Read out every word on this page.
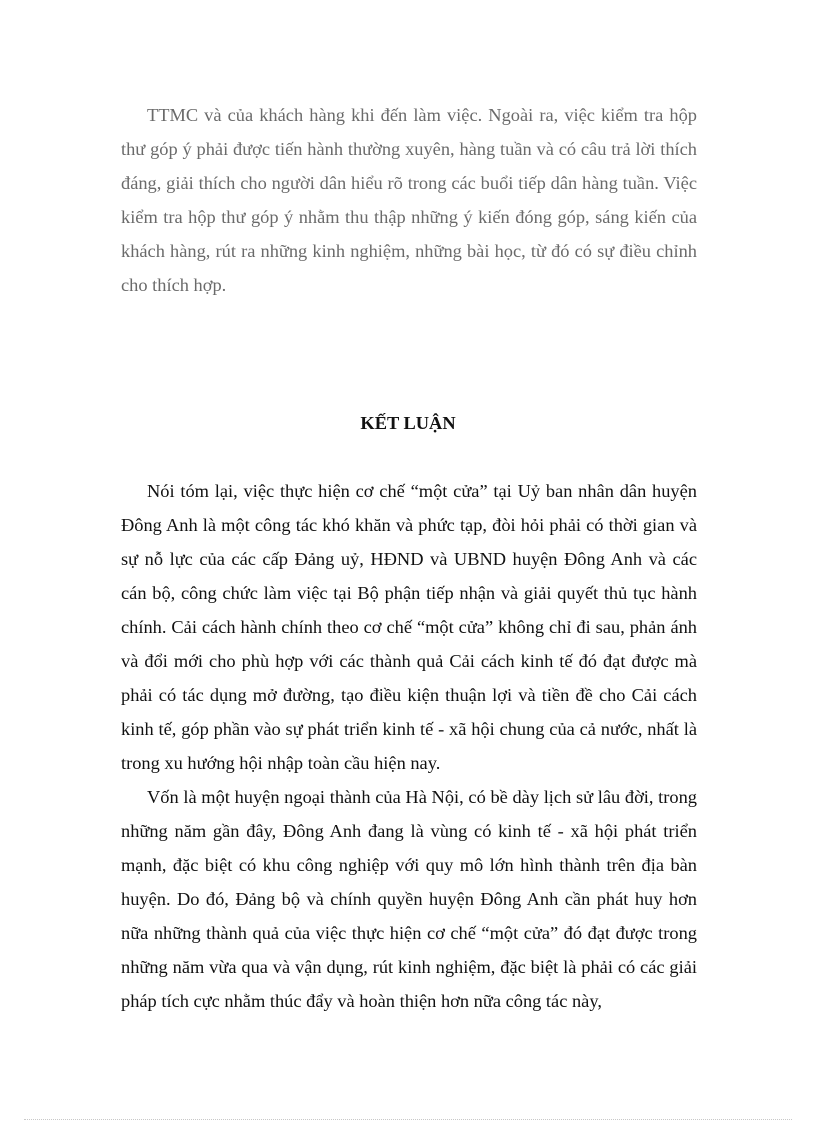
TTMC và của khách hàng khi đến làm việc. Ngoài ra, việc kiểm tra hộp thư góp ý phải được tiến hành thường xuyên, hàng tuần và có câu trả lời thích đáng, giải thích cho người dân hiểu rõ trong các buổi tiếp dân hàng tuần. Việc kiểm tra hộp thư góp ý nhằm thu thập những ý kiến đóng góp, sáng kiến của khách hàng, rút ra những kinh nghiệm, những bài học, từ đó có sự điều chỉnh cho thích hợp.

KẾT LUẬN

Nói tóm lại, việc thực hiện cơ chế “một cửa” tại Uỷ ban nhân dân huyện Đông Anh là một công tác khó khăn và phức tạp, đòi hỏi phải có thời gian và sự nỗ lực của các cấp Đảng uỷ, HĐND và UBND huyện Đông Anh và các cán bộ, công chức làm việc tại Bộ phận tiếp nhận và giải quyết thủ tục hành chính. Cải cách hành chính theo cơ chế “một cửa” không chỉ đi sau, phản ánh và đổi mới cho phù hợp với các thành quả Cải cách kinh tế đó đạt được mà phải có tác dụng mở đường, tạo điều kiện thuận lợi và tiền đề cho Cải cách kinh tế, góp phần vào sự phát triển kinh tế - xã hội chung của cả nước, nhất là trong xu hướng hội nhập toàn cầu hiện nay.

Vốn là một huyện ngoại thành của Hà Nội, có bề dày lịch sử lâu đời, trong những năm gần đây, Đông Anh đang là vùng có kinh tế - xã hội phát triển mạnh, đặc biệt có khu công nghiệp với quy mô lớn hình thành trên địa bàn huyện. Do đó, Đảng bộ và chính quyền huyện Đông Anh cần phát huy hơn nữa những thành quả của việc thực hiện cơ chế “một cửa” đó đạt được trong những năm vừa qua và vận dụng, rút kinh nghiệm, đặc biệt là phải có các giải pháp tích cực nhằm thúc đẩy và hoàn thiện hơn nữa công tác này,
